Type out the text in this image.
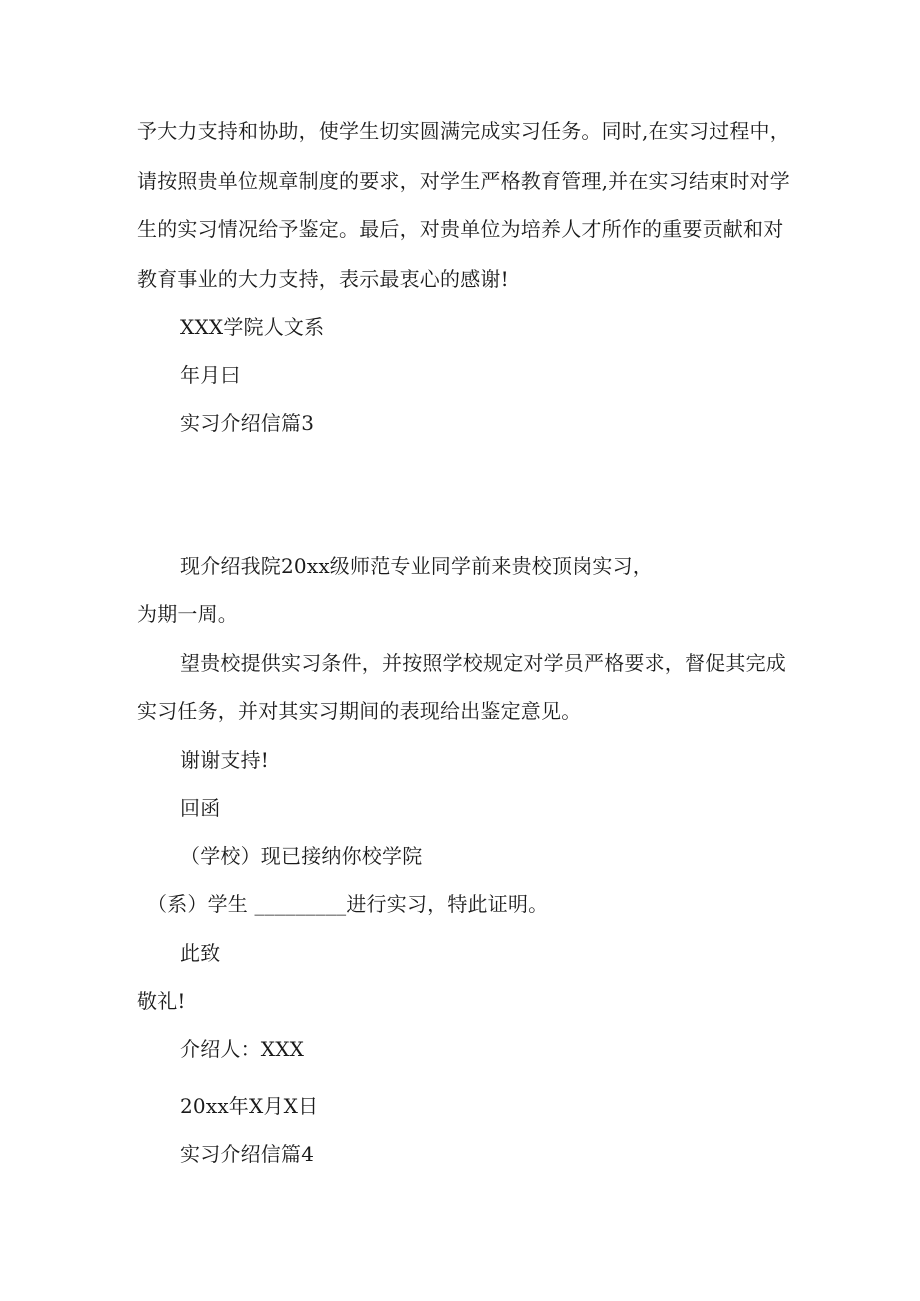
予大力支持和协助，使学生切实圆满完成实习任务。同时,在实习过程中，
请按照贵单位规章制度的要求，对学生严格教育管理,并在实习结束时对学
生的实习情况给予鉴定。最后，对贵单位为培养人才所作的重要贡献和对
教育事业的大力支持，表示最衷心的感谢!
XXX学院人文系
年月曰
实习介绍信篇3
现介绍我院20xx级师范专业同学前来贵校顶岗实习，
为期一周。
望贵校提供实习条件，并按照学校规定对学员严格要求，督促其完成
实习任务，并对其实习期间的表现给出鉴定意见。
谢谢支持!
回函
（学校）现已接纳你校学院
（系）学生 _________进行实习，特此证明。
此致
敬礼!
介绍人：XXX
20xx年X月X日
实习介绍信篇4
